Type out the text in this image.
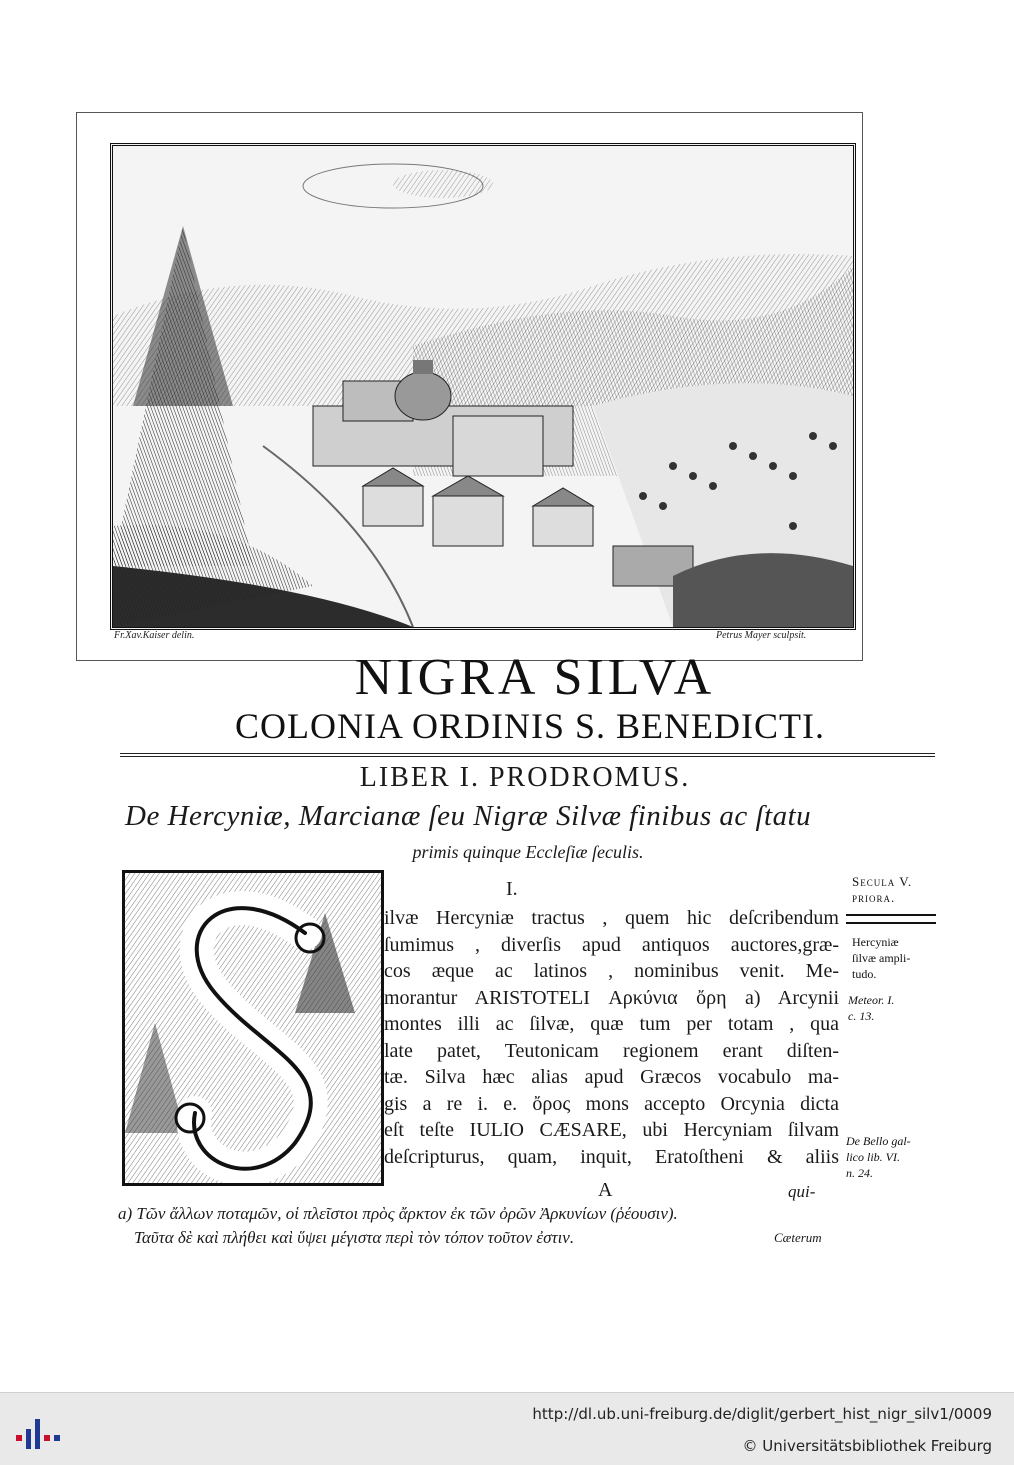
Fr.Xav.Kaiser delin.	Petrus Mayer sculpsit.
NIGRA SILVA
COLONIA ORDINIS S. BENEDICTI.
LIBER I. PRODROMUS.
De Hercyniæ, Marcianæ ſeu Nigræ Silvæ finibus ac ſtatu
primis quinque Eccleſiæ ſeculis.
I.
ilvæ Hercyniæ tractus , quem hic deſcribendum
ſumimus , diverſis apud antiquos auctores,græ-
cos æque ac latinos , nominibus venit. Me-
morantur ARISTOTELI Αρκύνια ὄρη a) Arcynii
montes illi ac ſilvæ, quæ tum per totam , qua
late patet, Teutonicam regionem erant diſten-
tæ. Silva hæc alias apud Græcos vocabulo ma-
gis a re i. e. ὄρος mons accepto Orcynia dicta
eſt teſte IULIO CÆSARE, ubi Hercyniam ſilvam
deſcripturus, quam, inquit, Eratoſtheni & aliis
A	qui-
Secula V.
priora.
Hercyniæ
ſilvæ ampli-
tudo.
Meteor. I.
c. 13.
De Bello gal-
lico lib. VI.
n. 24.
a) Τῶν ἄλλων ποταμῶν, οἱ πλεῖστοι πρὸς ἄρκτον ἐκ τῶν ὀρῶν Ἀρκυνίων (ῥέουσιν).
Ταῦτα δὲ καὶ πλήθει καὶ ὕψει μέγιστα περὶ τὸν τόπον τοῦτον ἐστιν.	Cæterum
http://dl.ub.uni-freiburg.de/diglit/gerbert_hist_nigr_silv1/0009
© Universitätsbibliothek Freiburg
